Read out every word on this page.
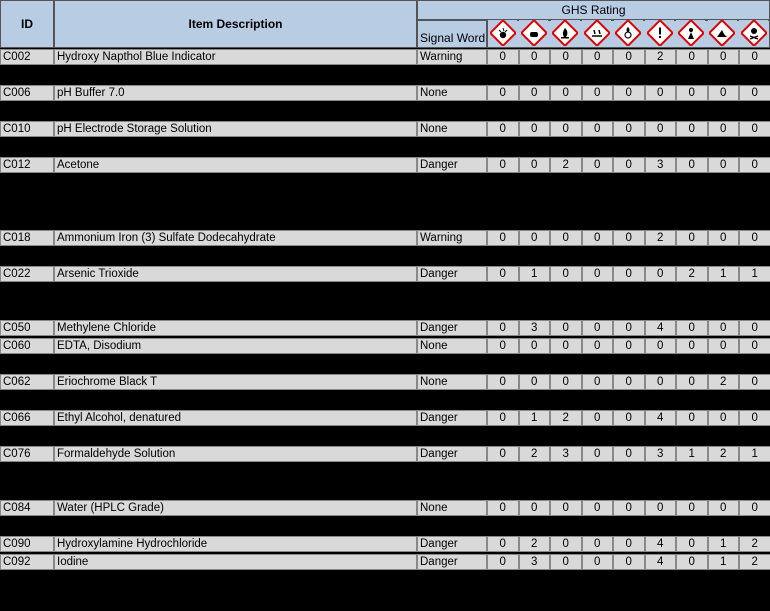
ID	Item Description
GHS Rating
Signal Word
C002	Hydroxy Napthol Blue Indicator	Warning	0	0	0	0	0	2	0	0	0
C006	pH Buffer 7.0	None	0	0	0	0	0	0	0	0	0
C010	pH Electrode Storage Solution	None	0	0	0	0	0	0	0	0	0
C012	Acetone	Danger	0	0	2	0	0	3	0	0	0
C018	Ammonium Iron (3) Sulfate Dodecahydrate	Warning	0	0	0	0	0	2	0	0	0
C022	Arsenic Trioxide	Danger	0	1	0	0	0	0	2	1	1
C050	Methylene Chloride	Danger	0	3	0	0	0	4	0	0	0
C060	EDTA, Disodium	None	0	0	0	0	0	0	0	0	0
C062	Eriochrome Black T	None	0	0	0	0	0	0	0	2	0
C066	Ethyl Alcohol, denatured	Danger	0	1	2	0	0	4	0	0	0
C076	Formaldehyde Solution	Danger	0	2	3	0	0	3	1	2	1
C084	Water (HPLC Grade)	None	0	0	0	0	0	0	0	0	0
C090	Hydroxylamine Hydrochloride	Danger	0	2	0	0	0	4	0	1	2
C092	Iodine	Danger	0	3	0	0	0	4	0	1	2
